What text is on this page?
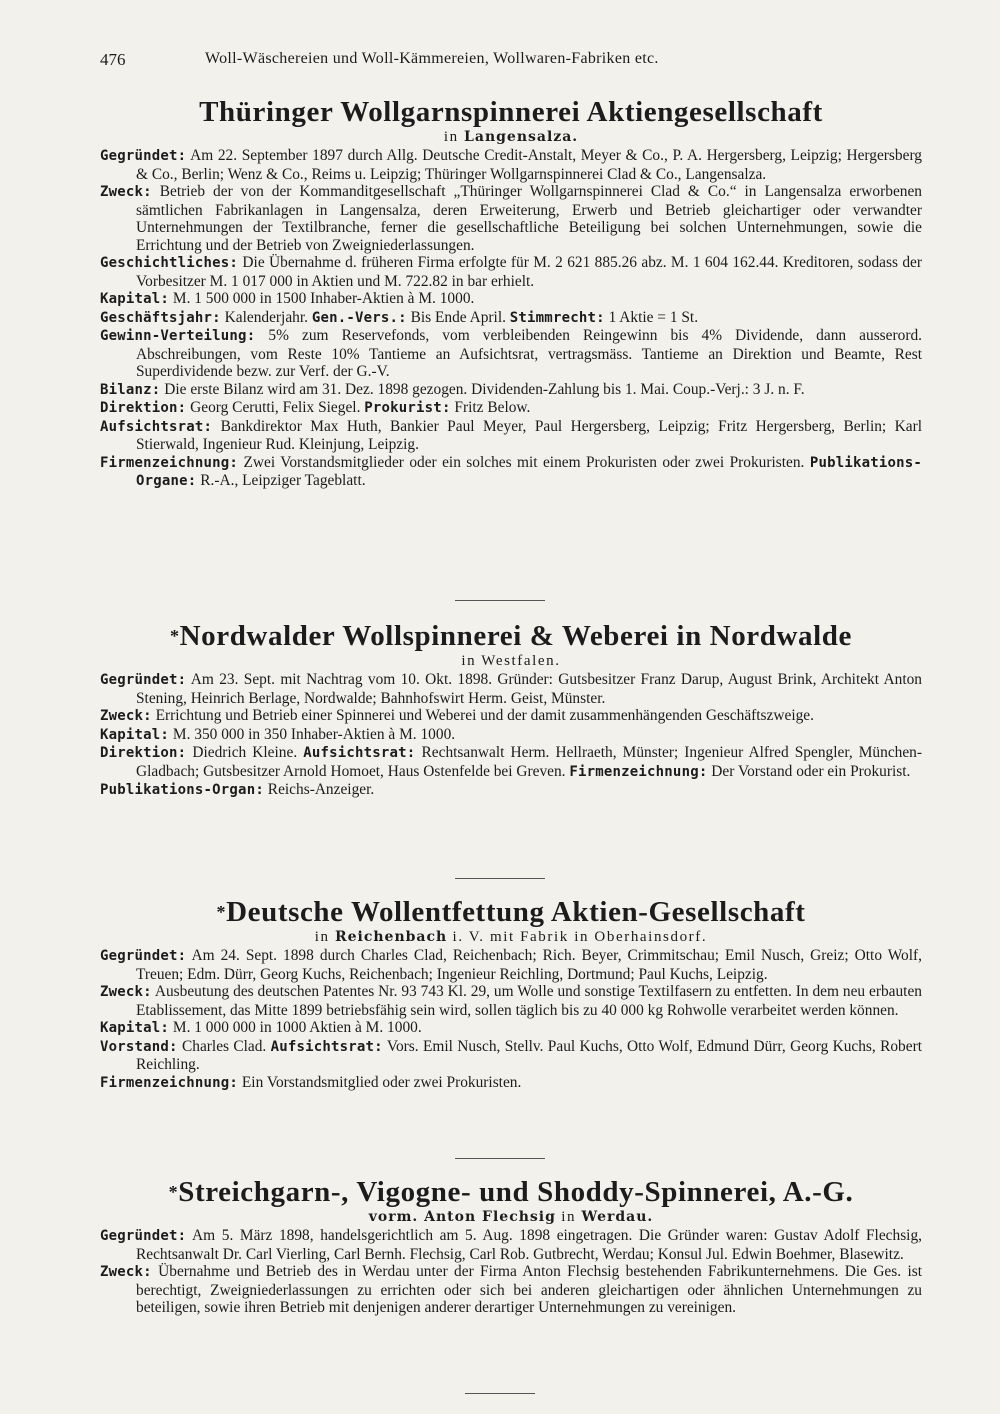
476	Woll-Wäschereien und Woll-Kämmereien, Wollwaren-Fabriken etc.
Thüringer Wollgarnspinnerei Aktiengesellschaft

in Langensalza.

Gegründet: Am 22. September 1897 durch Allg. Deutsche Credit-Anstalt, Meyer & Co., P. A. Hergersberg, Leipzig; Hergersberg & Co., Berlin; Wenz & Co., Reims u. Leipzig; Thüringer Wollgarnspinnerei Clad & Co., Langensalza.

Zweck: Betrieb der von der Kommanditgesellschaft „Thüringer Wollgarnspinnerei Clad & Co.“ in Langensalza erworbenen sämtlichen Fabrikanlagen in Langensalza, deren Erweiterung, Erwerb und Betrieb gleichartiger oder verwandter Unternehmungen der Textilbranche, ferner die gesellschaftliche Beteiligung bei solchen Unternehmungen, sowie die Errichtung und der Betrieb von Zweigniederlassungen.

Geschichtliches: Die Übernahme d. früheren Firma erfolgte für M. 2 621 885.26 abz. M. 1 604 162.44. Kreditoren, sodass der Vorbesitzer M. 1 017 000 in Aktien und M. 722.82 in bar erhielt.

Kapital: M. 1 500 000 in 1500 Inhaber-Aktien à M. 1000.

Geschäftsjahr: Kalenderjahr. Gen.-Vers.: Bis Ende April. Stimmrecht: 1 Aktie = 1 St.

Gewinn-Verteilung: 5% zum Reservefonds, vom verbleibenden Reingewinn bis 4% Dividende, dann ausserord. Abschreibungen, vom Reste 10% Tantieme an Aufsichtsrat, vertragsmäss. Tantieme an Direktion und Beamte, Rest Superdividende bezw. zur Verf. der G.-V.

Bilanz: Die erste Bilanz wird am 31. Dez. 1898 gezogen. Dividenden-Zahlung bis 1. Mai. Coup.-Verj.: 3 J. n. F.

Direktion: Georg Cerutti, Felix Siegel. Prokurist: Fritz Below.

Aufsichtsrat: Bankdirektor Max Huth, Bankier Paul Meyer, Paul Hergersberg, Leipzig; Fritz Hergersberg, Berlin; Karl Stierwald, Ingenieur Rud. Kleinjung, Leipzig.

Firmenzeichnung: Zwei Vorstandsmitglieder oder ein solches mit einem Prokuristen oder zwei Prokuristen. Publikations-Organe: R.-A., Leipziger Tageblatt.

*Nordwalder Wollspinnerei & Weberei in Nordwalde

in Westfalen.

Gegründet: Am 23. Sept. mit Nachtrag vom 10. Okt. 1898. Gründer: Gutsbesitzer Franz Darup, August Brink, Architekt Anton Stening, Heinrich Berlage, Nordwalde; Bahnhofswirt Herm. Geist, Münster.

Zweck: Errichtung und Betrieb einer Spinnerei und Weberei und der damit zusammenhängenden Geschäftszweige.

Kapital: M. 350 000 in 350 Inhaber-Aktien à M. 1000.

Direktion: Diedrich Kleine. Aufsichtsrat: Rechtsanwalt Herm. Hellraeth, Münster; Ingenieur Alfred Spengler, München-Gladbach; Gutsbesitzer Arnold Homoet, Haus Ostenfelde bei Greven. Firmenzeichnung: Der Vorstand oder ein Prokurist.

Publikations-Organ: Reichs-Anzeiger.

*Deutsche Wollentfettung Aktien-Gesellschaft

in Reichenbach i. V. mit Fabrik in Oberhainsdorf.

Gegründet: Am 24. Sept. 1898 durch Charles Clad, Reichenbach; Rich. Beyer, Crimmitschau; Emil Nusch, Greiz; Otto Wolf, Treuen; Edm. Dürr, Georg Kuchs, Reichenbach; Ingenieur Reichling, Dortmund; Paul Kuchs, Leipzig.

Zweck: Ausbeutung des deutschen Patentes Nr. 93 743 Kl. 29, um Wolle und sonstige Textilfasern zu entfetten. In dem neu erbauten Etablissement, das Mitte 1899 betriebsfähig sein wird, sollen täglich bis zu 40 000 kg Rohwolle verarbeitet werden können.

Kapital: M. 1 000 000 in 1000 Aktien à M. 1000.

Vorstand: Charles Clad. Aufsichtsrat: Vors. Emil Nusch, Stellv. Paul Kuchs, Otto Wolf, Edmund Dürr, Georg Kuchs, Robert Reichling.

Firmenzeichnung: Ein Vorstandsmitglied oder zwei Prokuristen.

*Streichgarn-, Vigogne- und Shoddy-Spinnerei, A.-G.

vorm. Anton Flechsig in Werdau.

Gegründet: Am 5. März 1898, handelsgerichtlich am 5. Aug. 1898 eingetragen. Die Gründer waren: Gustav Adolf Flechsig, Rechtsanwalt Dr. Carl Vierling, Carl Bernh. Flechsig, Carl Rob. Gutbrecht, Werdau; Konsul Jul. Edwin Boehmer, Blasewitz.

Zweck: Übernahme und Betrieb des in Werdau unter der Firma Anton Flechsig bestehenden Fabrikunternehmens. Die Ges. ist berechtigt, Zweigniederlassungen zu errichten oder sich bei anderen gleichartigen oder ähnlichen Unternehmungen zu beteiligen, sowie ihren Betrieb mit denjenigen anderer derartiger Unternehmungen zu vereinigen.
